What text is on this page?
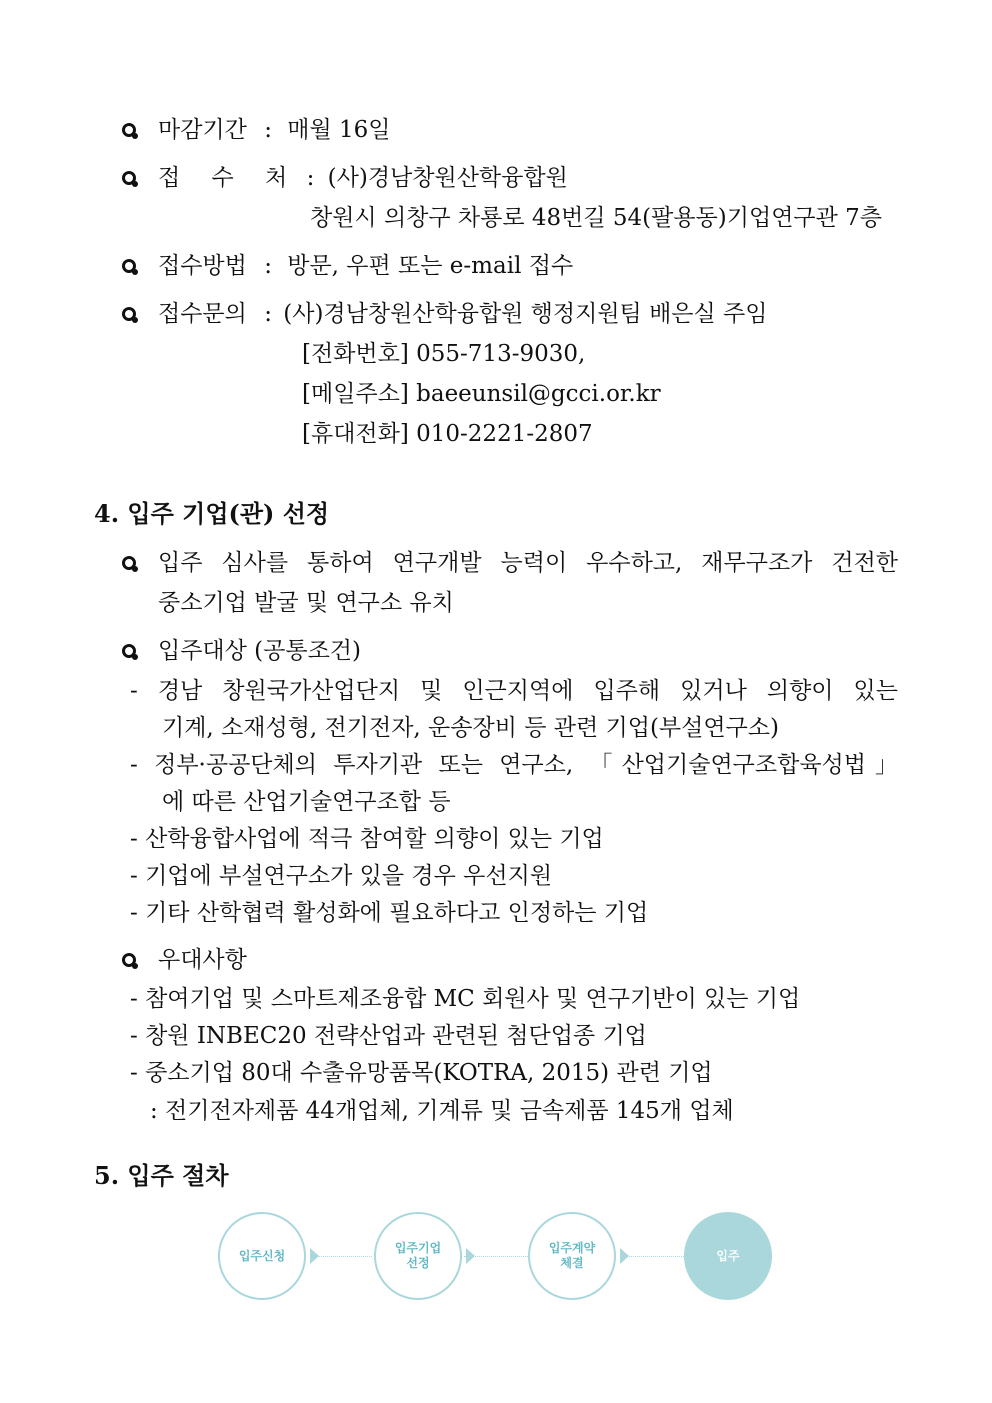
마감기간 : 매월 16일
접 수 처 : (사)경남창원산학융합원
창원시 의창구 차룡로 48번길 54(팔용동)기업연구관 7층
접수방법 : 방문, 우편 또는 e-mail 접수
접수문의 : (사)경남창원산학융합원 행정지원팀 배은실 주임
[전화번호] 055-713-9030,
[메일주소] baeeunsil@gcci.or.kr
[휴대전화] 010-2221-2807
4. 입주 기업(관) 선정
입주 심사를 통하여 연구개발 능력이 우수하고, 재무구조가 건전한
중소기업 발굴 및 연구소 유치
입주대상 (공통조건)
- 경남 창원국가산업단지 및 인근지역에 입주해 있거나 의향이 있는
기계, 소재성형, 전기전자, 운송장비 등 관련 기업(부설연구소)
- 정부·공공단체의 투자기관 또는 연구소, 「산업기술연구조합육성법」
에 따른 산업기술연구조합 등
- 산학융합사업에 적극 참여할 의향이 있는 기업
- 기업에 부설연구소가 있을 경우 우선지원
- 기타 산학협력 활성화에 필요하다고 인정하는 기업
우대사항
- 참여기업 및 스마트제조융합 MC 회원사 및 연구기반이 있는 기업
- 창원 INBEC20 전략산업과 관련된 첨단업종 기업
- 중소기업 80대 수출유망품목(KOTRA, 2015) 관련 기업
: 전기전자제품 44개업체, 기계류 및 금속제품 145개 업체
5. 입주 절차
입주신청
입주기업
선정
입주계약
체결
입주
